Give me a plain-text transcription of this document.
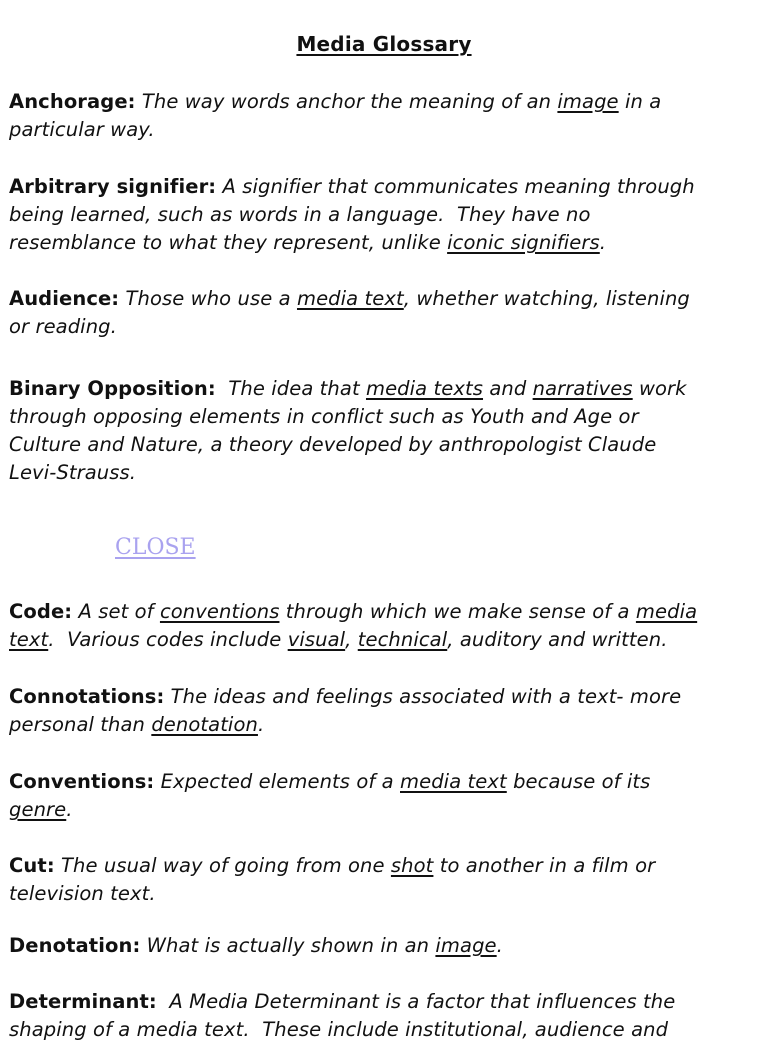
Media Glossary
Anchorage: The way words anchor the meaning of an image in a
particular way.
Arbitrary signifier: A signifier that communicates meaning through
being learned, such as words in a language.  They have no
resemblance to what they represent, unlike iconic signifiers.
Audience: Those who use a media text, whether watching, listening
or reading.
Binary Opposition:  The idea that media texts and narratives work
through opposing elements in conflict such as Youth and Age or
Culture and Nature, a theory developed by anthropologist Claude
Levi-Strauss.
Code: A set of conventions through which we make sense of a media
text.  Various codes include visual, technical, auditory and written.
Connotations: The ideas and feelings associated with a text- more
personal than denotation.
Conventions: Expected elements of a media text because of its
genre.
Cut: The usual way of going from one shot to another in a film or
television text.
Denotation: What is actually shown in an image.
Determinant:  A Media Determinant is a factor that influences the
shaping of a media text.  These include institutional, audience and
CLOSE
